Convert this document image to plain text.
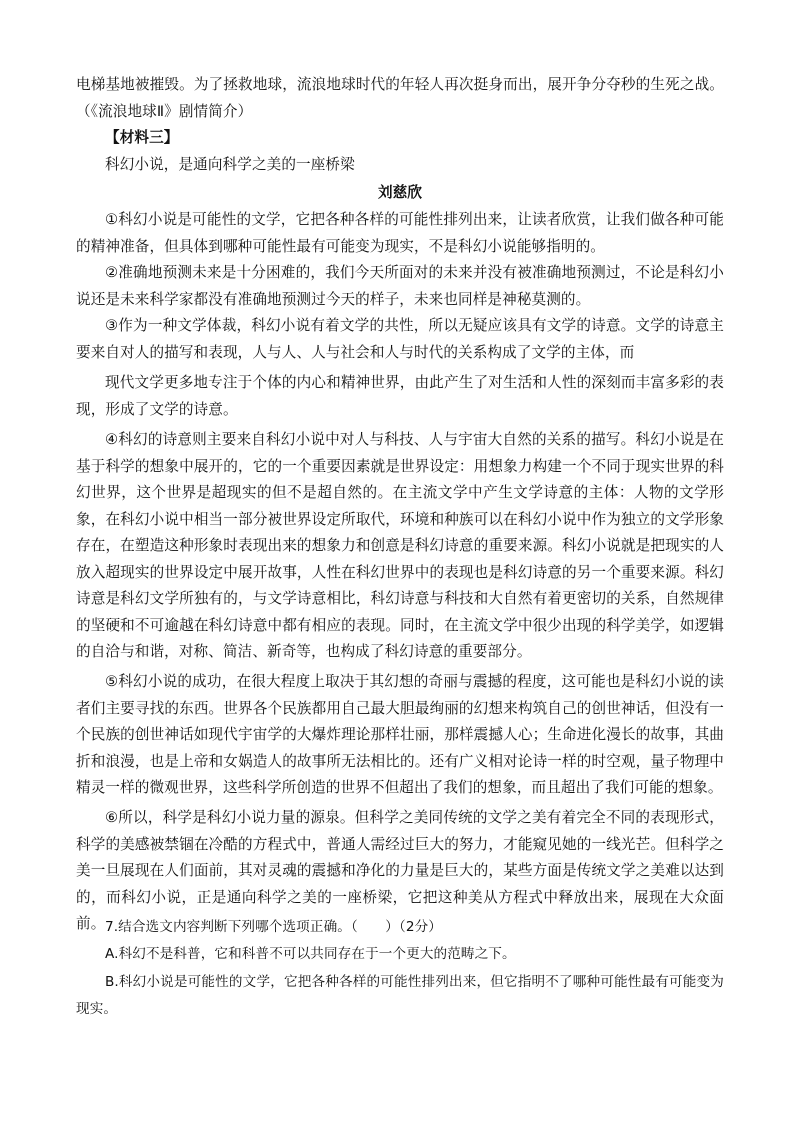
电梯基地被摧毁。为了拯救地球，流浪地球时代的年轻人再次挺身而出，展开争分夺秒的生死之战。（《流浪地球Ⅱ》剧情简介）

【材料三】

科幻小说，是通向科学之美的一座桥梁

刘慈欣

①科幻小说是可能性的文学，它把各种各样的可能性排列出来，让读者欣赏，让我们做各种可能的精神准备，但具体到哪种可能性最有可能变为现实，不是科幻小说能够指明的。

②准确地预测未来是十分困难的，我们今天所面对的未来并没有被准确地预测过，不论是科幻小说还是未来科学家都没有准确地预测过今天的样子，未来也同样是神秘莫测的。

③作为一种文学体裁，科幻小说有着文学的共性，所以无疑应该具有文学的诗意。文学的诗意主要来自对人的描写和表现，人与人、人与社会和人与时代的关系构成了文学的主体，而

现代文学更多地专注于个体的内心和精神世界，由此产生了对生活和人性的深刻而丰富多彩的表现，形成了文学的诗意。

④科幻的诗意则主要来自科幻小说中对人与科技、人与宇宙大自然的关系的描写。科幻小说是在基于科学的想象中展开的，它的一个重要因素就是世界设定：用想象力构建一个不同于现实世界的科幻世界，这个世界是超现实的但不是超自然的。在主流文学中产生文学诗意的主体：人物的文学形象，在科幻小说中相当一部分被世界设定所取代，环境和种族可以在科幻小说中作为独立的文学形象存在，在塑造这种形象时表现出来的想象力和创意是科幻诗意的重要来源。科幻小说就是把现实的人放入超现实的世界设定中展开故事，人性在科幻世界中的表现也是科幻诗意的另一个重要来源。科幻诗意是科幻文学所独有的，与文学诗意相比，科幻诗意与科技和大自然有着更密切的关系，自然规律的坚硬和不可逾越在科幻诗意中都有相应的表现。同时，在主流文学中很少出现的科学美学，如逻辑的自洽与和谐，对称、简洁、新奇等，也构成了科幻诗意的重要部分。

⑤科幻小说的成功，在很大程度上取决于其幻想的奇丽与震撼的程度，这可能也是科幻小说的读者们主要寻找的东西。世界各个民族都用自己最大胆最绚丽的幻想来构筑自己的创世神话，但没有一个民族的创世神话如现代宇宙学的大爆炸理论那样壮丽，那样震撼人心；生命进化漫长的故事，其曲折和浪漫，也是上帝和女娲造人的故事所无法相比的。还有广义相对论诗一样的时空观，量子物理中精灵一样的微观世界，这些科学所创造的世界不但超出了我们的想象，而且超出了我们可能的想象。

⑥所以，科学是科幻小说力量的源泉。但科学之美同传统的文学之美有着完全不同的表现形式，科学的美感被禁锢在冷酷的方程式中，普通人需经过巨大的努力，才能窥见她的一线光芒。但科学之美一旦展现在人们面前，其对灵魂的震撼和净化的力量是巨大的，某些方面是传统文学之美难以达到的，而科幻小说，正是通向科学之美的一座桥梁，它把这种美从方程式中释放出来，展现在大众面前。 7.结合选文内容判断下列哪个选项正确。（　　）（2分）

A.科幻不是科普，它和科普不可以共同存在于一个更大的范畴之下。

B.科幻小说是可能性的文学，它把各种各样的可能性排列出来，但它指明不了哪种可能性最有可能变为现实。
